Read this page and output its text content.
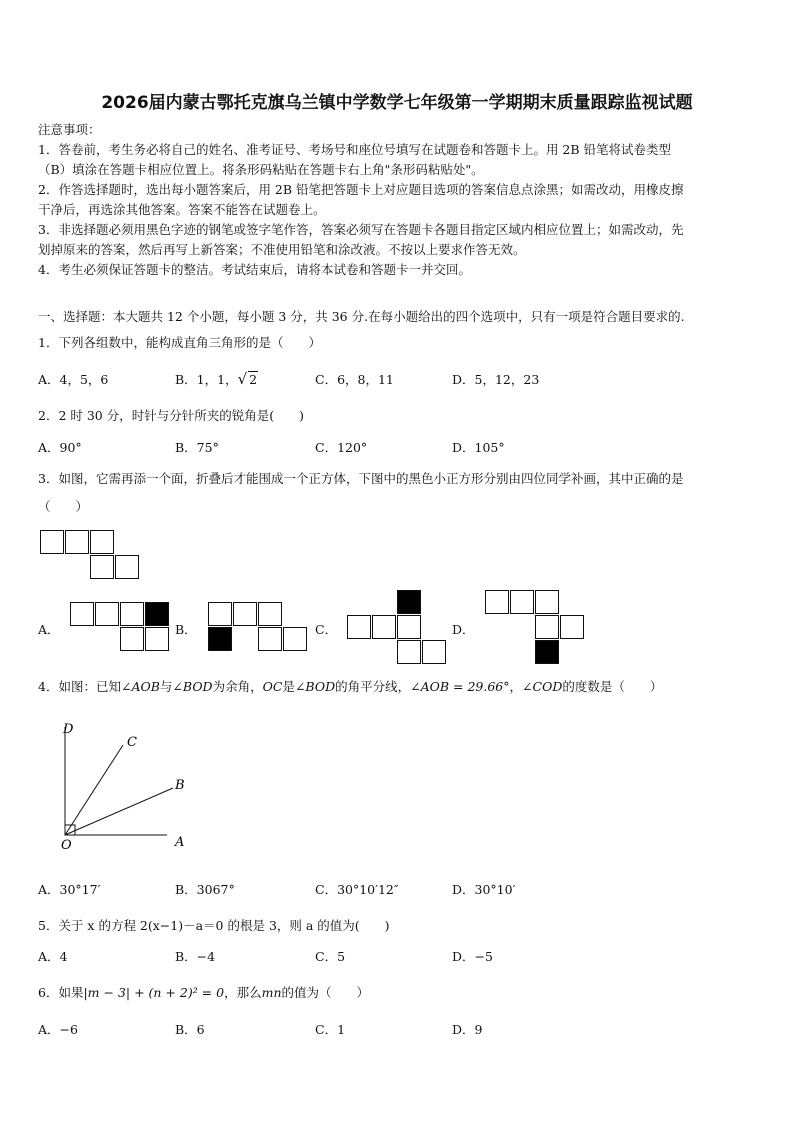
2026届内蒙古鄂托克旗乌兰镇中学数学七年级第一学期期末质量跟踪监视试题
注意事项：
1．答卷前，考生务必将自己的姓名、准考证号、考场号和座位号填写在试题卷和答题卡上。用 2B 铅笔将试卷类型
（B）填涂在答题卡相应位置上。将条形码粘贴在答题卡右上角"条形码粘贴处"。
2．作答选择题时，选出每小题答案后，用 2B 铅笔把答题卡上对应题目选项的答案信息点涂黑；如需改动，用橡皮擦
干净后，再选涂其他答案。答案不能答在试题卷上。
3．非选择题必须用黑色字迹的钢笔或签字笔作答，答案必须写在答题卡各题目指定区域内相应位置上；如需改动，先
划掉原来的答案，然后再写上新答案；不准使用铅笔和涂改液。不按以上要求作答无效。
4．考生必须保证答题卡的整洁。考试结束后，请将本试卷和答题卡一并交回。
一、选择题：本大题共 12 个小题，每小题 3 分，共 36 分.在每小题给出的四个选项中，只有一项是符合题目要求的.
1．下列各组数中，能构成直角三角形的是（　　）
A．4，5，6	B．1，1，√ 2	C．6，8，11	D．5，12，23
2．2 时 30 分，时针与分针所夹的锐角是(　　)
A．90°	B．75°	C．120°	D．105°
3．如图，它需再添一个面，折叠后才能围成一个正方体，下图中的黑色小正方形分别由四位同学补画，其中正确的是
（　　）
A．	B．	C．	D．
4．如图：已知∠AOB与∠BOD为余角，OC是∠BOD的角平分线，∠AOB = 29.66°，∠COD的度数是（　　）
D
C
B
A
O
A．30°17′	B．3067°	C．30°10′12″	D．30°10′
5．关于 x 的方程 2(x−1)－a＝0 的根是 3，则 a 的值为(　　)
A．4	B．−4	C．5	D．−5
6．如果|m − 3| + (n + 2)² = 0，那么mn的值为（　　）
A．−6	B．6	C．1	D．9
